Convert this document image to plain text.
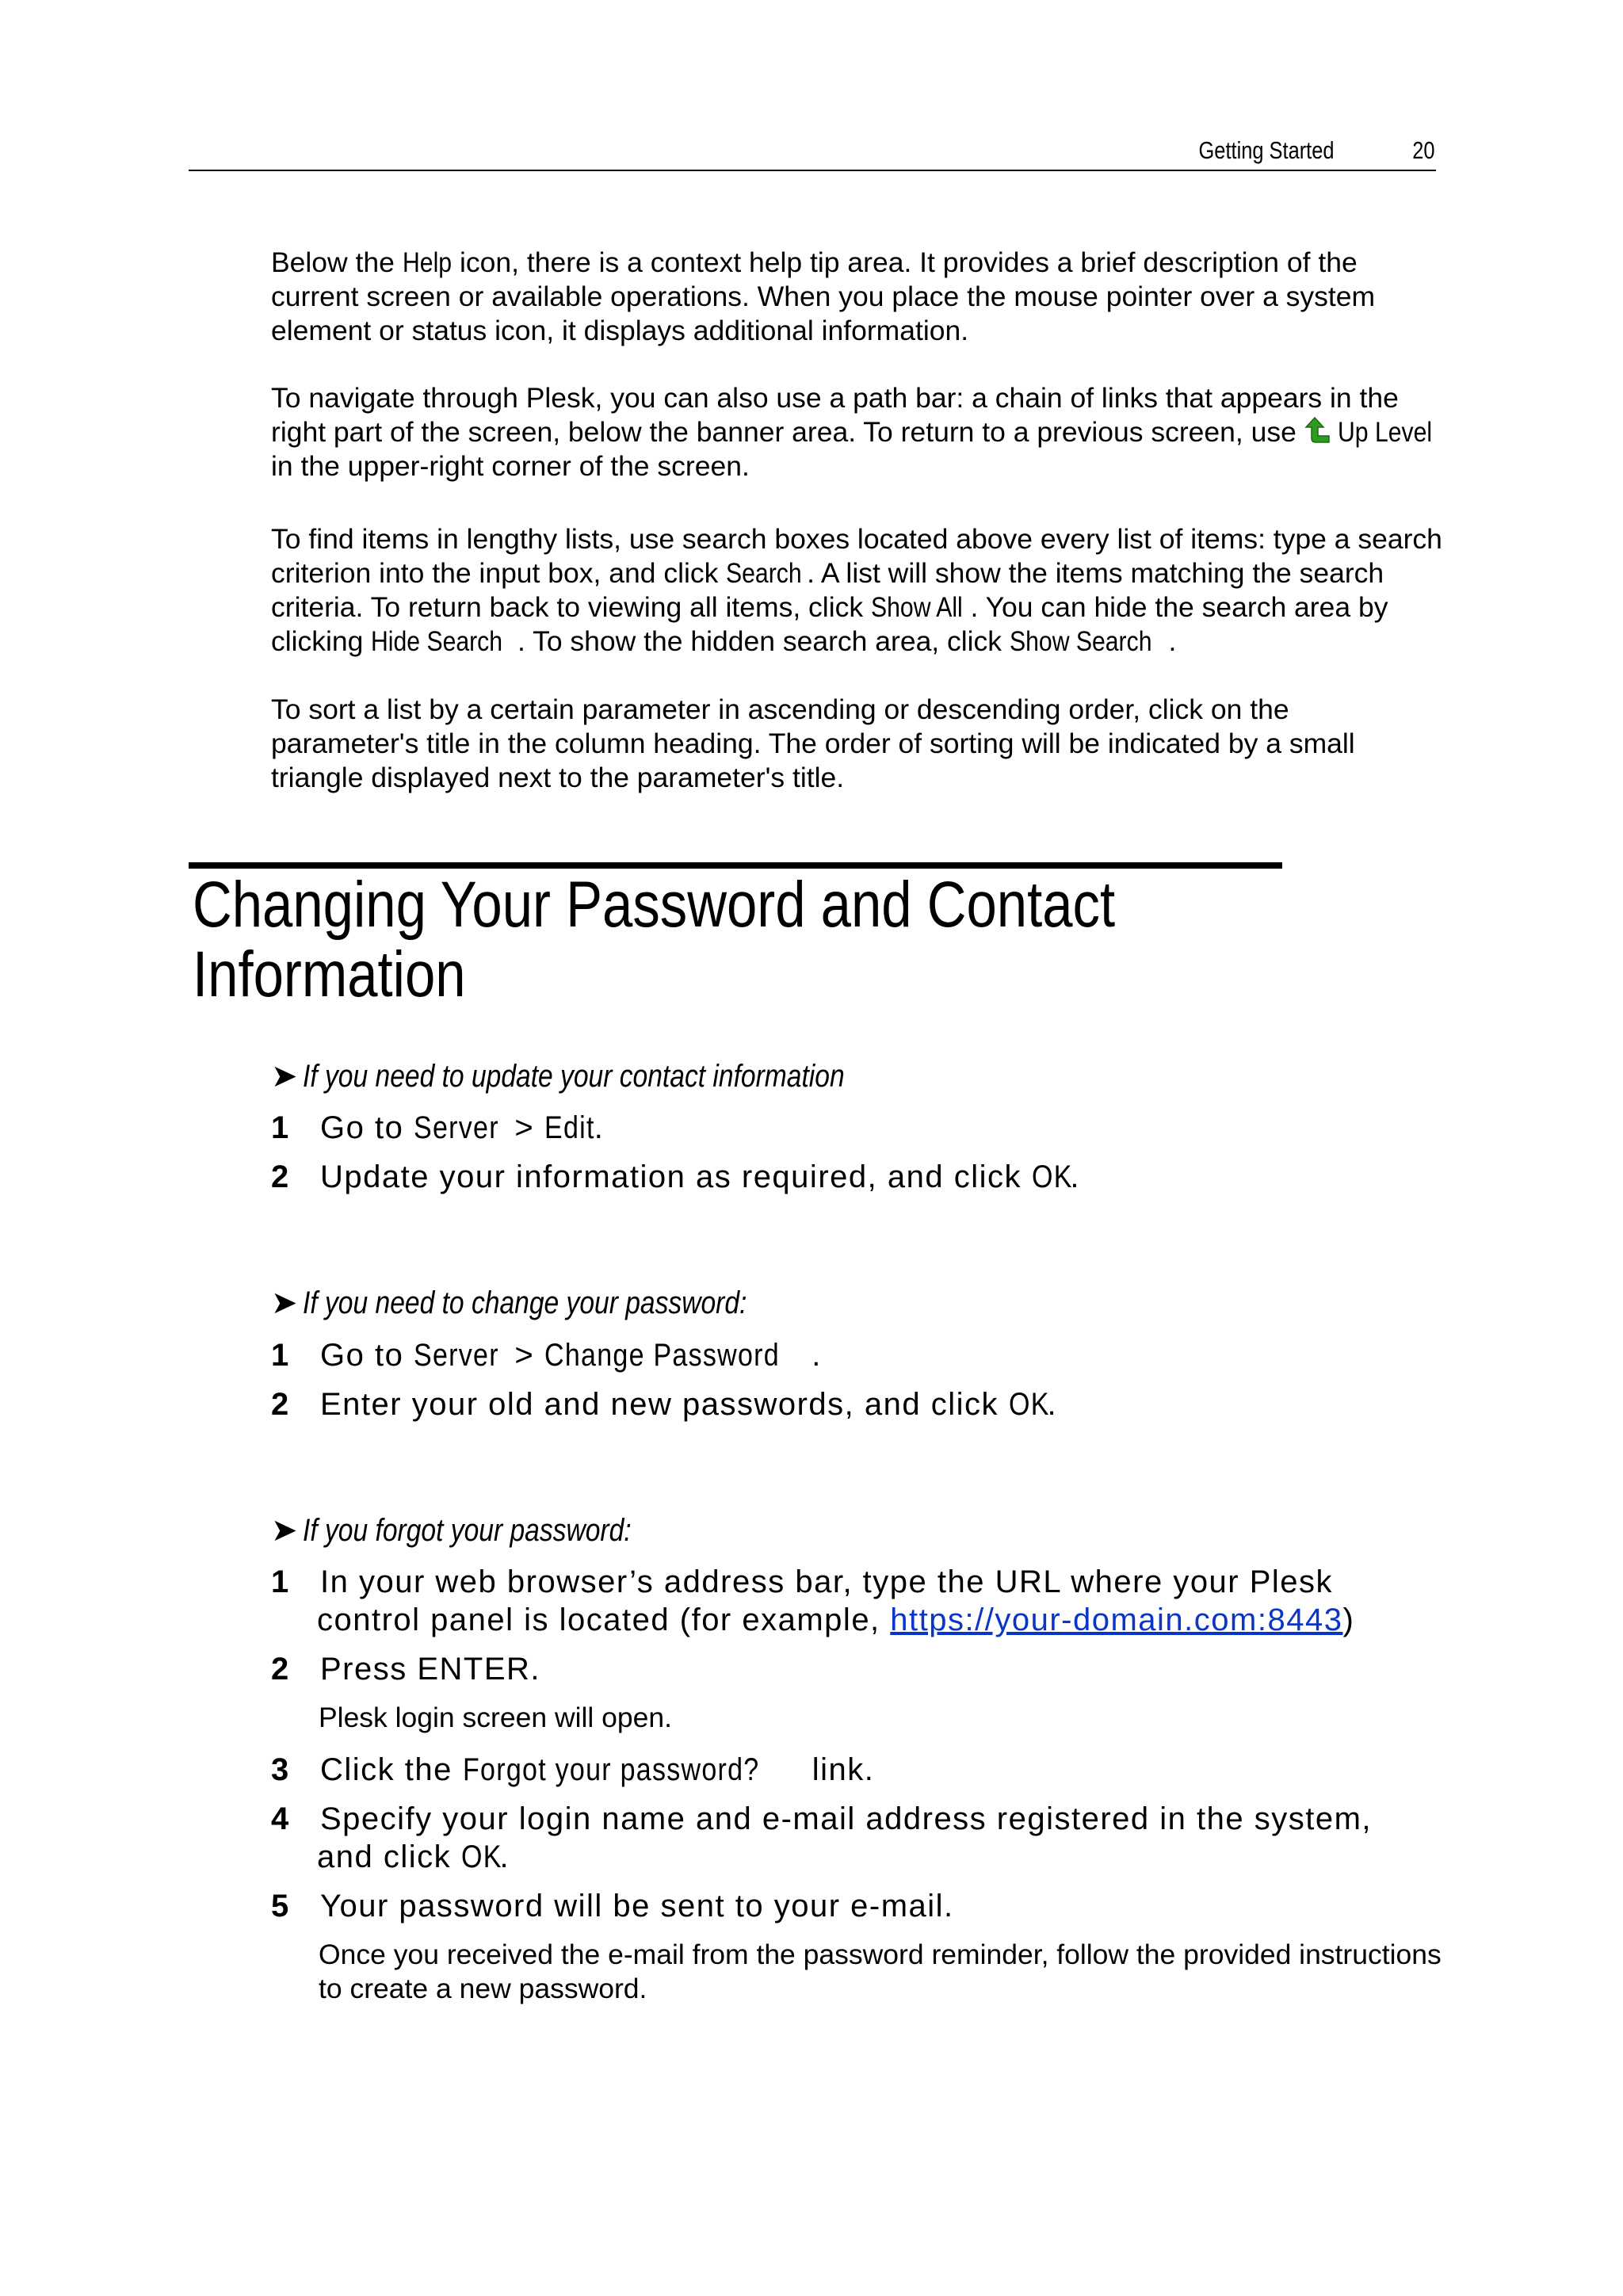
Getting Started	20
Below the Help icon, there is a context help tip area. It provides a brief description of the current screen or available operations. When you place the mouse pointer over a system element or status icon, it displays additional information.
To navigate through Plesk, you can also use a path bar: a chain of links that appears in the right part of the screen, below the banner area. To return to a previous screen, use Up Level in the upper-right corner of the screen.
To find items in lengthy lists, use search boxes located above every list of items: type a search criterion into the input box, and click Search . A list will show the items matching the search criteria. To return back to viewing all items, click Show All . You can hide the search area by clicking Hide Search . To show the hidden search area, click Show Search .
To sort a list by a certain parameter in ascending or descending order, click on the parameter's title in the column heading. The order of sorting will be indicated by a small triangle displayed next to the parameter's title.
Changing Your Password and Contact
Information
➤ If you need to update your contact information
1 Go to Server > Edit.
2 Update your information as required, and click OK.
➤ If you need to change your password:
1 Go to Server > Change Password .
2 Enter your old and new passwords, and click OK.
➤ If you forgot your password:
1 In your web browser’s address bar, type the URL where your Plesk
control panel is located (for example, https://your-domain.com:8443)
2 Press ENTER.
Plesk login screen will open.
3 Click the Forgot your password? link.
4 Specify your login name and e-mail address registered in the system,
and click OK.
5 Your password will be sent to your e-mail.
Once you received the e-mail from the password reminder, follow the provided instructions to create a new password.
